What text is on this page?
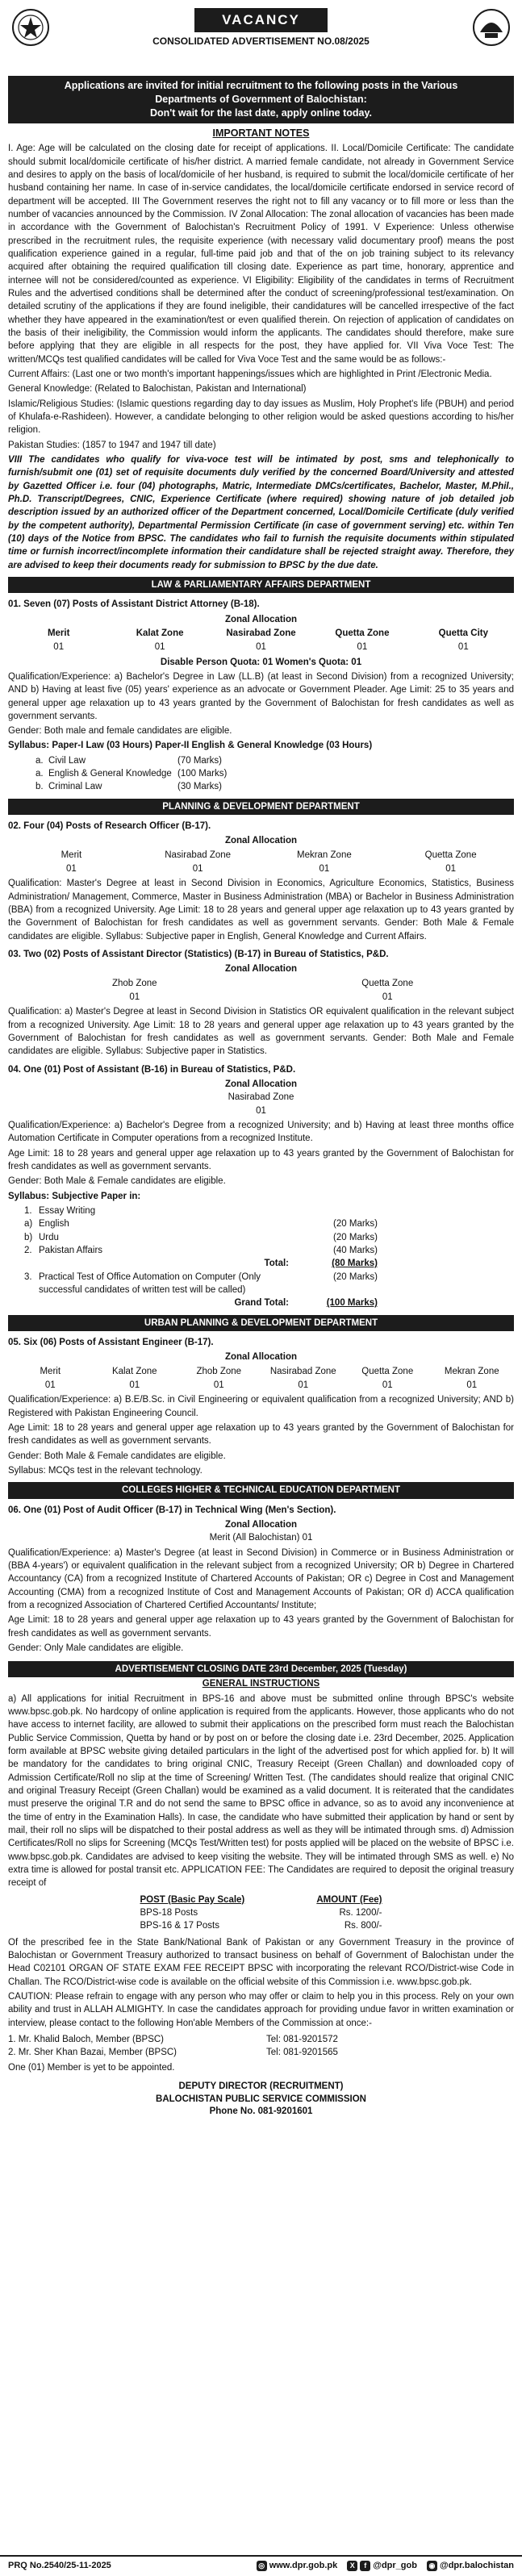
VACANCY
CONSOLIDATED ADVERTISEMENT NO.08/2025
Applications are invited for initial recruitment to the following posts in the Various
Departments of Government of Balochistan:
Don't wait for the last date, apply online today.
IMPORTANT NOTES

I. Age: Age will be calculated on the closing date for receipt of applications. II. Local/Domicile Certificate: The candidate should submit local/domicile certificate of his/her district. A married female candidate, not already in Government Service and desires to apply on the basis of local/domicile of her husband, is required to submit the local/domicile certificate of her husband containing her name. In case of in-service candidates, the local/domicile certificate endorsed in service record of department will be accepted. III The Government reserves the right not to fill any vacancy or to fill more or less than the number of vacancies announced by the Commission. IV Zonal Allocation: The zonal allocation of vacancies has been made in accordance with the Government of Balochistan's Recruitment Policy of 1991. V Experience: Unless otherwise prescribed in the recruitment rules, the requisite experience (with necessary valid documentary proof) means the post qualification experience gained in a regular, full-time paid job and that of the on job training subject to its relevancy acquired after obtaining the required qualification till closing date. Experience as part time, honorary, apprentice and internee will not be considered/counted as experience. VI Eligibility: Eligibility of the candidates in terms of Recruitment Rules and the advertised conditions shall be determined after the conduct of screening/professional test/examination. On detailed scrutiny of the applications if they are found ineligible, their candidatures will be cancelled irrespective of the fact whether they have appeared in the examination/test or even qualified therein. On rejection of application of candidates on the basis of their ineligibility, the Commission would inform the applicants. The candidates should therefore, make sure before applying that they are eligible in all respects for the post, they have applied for. VII Viva Voce Test: The written/MCQs test qualified candidates will be called for Viva Voce Test and the same would be as follows:-

Current Affairs: (Last one or two month's important happenings/issues which are highlighted in Print /Electronic Media.

General Knowledge: (Related to Balochistan, Pakistan and International)

Islamic/Religious Studies: (Islamic questions regarding day to day issues as Muslim, Holy Prophet's life (PBUH) and period of Khulafa-e-Rashideen). However, a candidate belonging to other religion would be asked questions according to his/her religion.

Pakistan Studies: (1857 to 1947 and 1947 till date)

VIII The candidates who qualify for viva-voce test will be intimated by post, sms and telephonically to furnish/submit one (01) set of requisite documents duly verified by the concerned Board/University and attested by Gazetted Officer i.e. four (04) photographs, Matric, Intermediate DMCs/certificates, Bachelor, Master, M.Phil., Ph.D. Transcript/Degrees, CNIC, Experience Certificate (where required) showing nature of job detailed job description issued by an authorized officer of the Department concerned, Local/Domicile Certificate (duly verified by the competent authority), Departmental Permission Certificate (in case of government serving) etc. within Ten (10) days of the Notice from BPSC. The candidates who fail to furnish the requisite documents within stipulated time or furnish incorrect/incomplete information their candidature shall be rejected straight away. Therefore, they are advised to keep their documents ready for submission to BPSC by the due date.

LAW & PARLIAMENTARY AFFAIRS DEPARTMENT
01. Seven (07) Posts of Assistant District Attorney (B-18).
Zonal Allocation
Merit	Kalat Zone	Nasirabad Zone	Quetta Zone	Quetta City
01	01	01	01	01
Disable Person Quota: 01 Women's Quota: 01

Qualification/Experience: a) Bachelor's Degree in Law (LL.B) (at least in Second Division) from a recognized University; AND b) Having at least five (05) years' experience as an advocate or Government Pleader. Age Limit: 25 to 35 years and general upper age relaxation up to 43 years granted by the Government of Balochistan for fresh candidates as well as government servants.

Gender: Both male and female candidates are eligible.

Syllabus: Paper-I Law (03 Hours) Paper-II English & General Knowledge (03 Hours)

a. Civil Law	(70 Marks)
a. English & General Knowledge (100 Marks)
b. Criminal Law	(30 Marks)
PLANNING & DEVELOPMENT DEPARTMENT
02. Four (04) Posts of Research Officer (B-17).
Zonal Allocation
Merit	Nasirabad Zone	Mekran Zone	Quetta Zone
01	01	01	01

Qualification: Master's Degree at least in Second Division in Economics, Agriculture Economics, Statistics, Business Administration/ Management, Commerce, Master in Business Administration (MBA) or Bachelor in Business Administration (BBA) from a recognized University. Age Limit: 18 to 28 years and general upper age relaxation up to 43 years granted by the Government of Balochistan for fresh candidates as well as government servants. Gender: Both Male & Female candidates are eligible. Syllabus: Subjective paper in English, General Knowledge and Current Affairs.

03. Two (02) Posts of Assistant Director (Statistics) (B-17) in Bureau of Statistics, P&D.
Zonal Allocation
Zhob Zone	Quetta Zone
01	01

Qualification: a) Master's Degree at least in Second Division in Statistics OR equivalent qualification in the relevant subject from a recognized University. Age Limit: 18 to 28 years and general upper age relaxation up to 43 years granted by the Government of Balochistan for fresh candidates as well as government servants. Gender: Both Male and Female candidates are eligible. Syllabus: Subjective paper in Statistics.

04. One (01) Post of Assistant (B-16) in Bureau of Statistics, P&D.
Zonal Allocation
Nasirabad Zone
01

Qualification/Experience: a) Bachelor's Degree from a recognized University; and b) Having at least three months office Automation Certificate in Computer operations from a recognized Institute.

Age Limit: 18 to 28 years and general upper age relaxation up to 43 years granted by the Government of Balochistan for fresh candidates as well as government servants.

Gender: Both Male & Female candidates are eligible.

Syllabus: Subjective Paper in:

1. Essay Writing
a) English	(20 Marks)
b) Urdu	(20 Marks)
2. Pakistan Affairs	(40 Marks)
Total:	(80 Marks)
3. Practical Test of Office Automation on Computer (Only successful candidates of written test will be called)
(20 Marks)
Grand Total:	(100 Marks)
URBAN PLANNING & DEVELOPMENT DEPARTMENT
05. Six (06) Posts of Assistant Engineer (B-17).
Zonal Allocation
Merit	Kalat Zone	Zhob Zone	Nasirabad Zone	Quetta Zone	Mekran Zone
01	01	01	01	01	01

Qualification/Experience: a) B.E/B.Sc. in Civil Engineering or equivalent qualification from a recognized University; AND b) Registered with Pakistan Engineering Council.

Age Limit: 18 to 28 years and general upper age relaxation up to 43 years granted by the Government of Balochistan for fresh candidates as well as government servants.

Gender: Both Male & Female candidates are eligible.

Syllabus: MCQs test in the relevant technology.

COLLEGES HIGHER & TECHNICAL EDUCATION DEPARTMENT
06. One (01) Post of Audit Officer (B-17) in Technical Wing (Men's Section).
Zonal Allocation
Merit (All Balochistan) 01

Qualification/Experience: a) Master's Degree (at least in Second Division) in Commerce or in Business Administration or (BBA 4-years') or equivalent qualification in the relevant subject from a recognized University; OR b) Degree in Chartered Accountancy (CA) from a recognized Institute of Chartered Accounts of Pakistan; OR c) Degree in Cost and Management Accounting (CMA) from a recognized Institute of Cost and Management Accounts of Pakistan; OR d) ACCA qualification from a recognized Association of Chartered Certified Accountants/ Institute;

Age Limit: 18 to 28 years and general upper age relaxation up to 43 years granted by the Government of Balochistan for fresh candidates as well as government servants.

Gender: Only Male candidates are eligible.

ADVERTISEMENT CLOSING DATE 23rd December, 2025 (Tuesday)
GENERAL INSTRUCTIONS

a) All applications for initial Recruitment in BPS-16 and above must be submitted online through BPSC's website www.bpsc.gob.pk. No hardcopy of online application is required from the applicants. However, those applicants who do not have access to internet facility, are allowed to submit their applications on the prescribed form must reach the Balochistan Public Service Commission, Quetta by hand or by post on or before the closing date i.e. 23rd December, 2025. Application form available at BPSC website giving detailed particulars in the light of the advertised post for which applied for. b) It will be mandatory for the candidates to bring original CNIC, Treasury Receipt (Green Challan) and downloaded copy of Admission Certificate/Roll no slip at the time of Screening/ Written Test. (The candidates should realize that original CNIC and original Treasury Receipt (Green Challan) would be examined as a valid document. It is reiterated that the candidates must preserve the original T.R and do not send the same to BPSC office in advance, so as to avoid any inconvenience at the time of entry in the Examination Halls). In case, the candidate who have submitted their application by hand or sent by mail, their roll no slips will be dispatched to their postal address as well as they will be intimated through sms. d) Admission Certificates/Roll no slips for Screening (MCQs Test/Written test) for posts applied will be placed on the website of BPSC i.e. www.bpsc.gob.pk. Candidates are advised to keep visiting the website. They will be intimated through SMS as well. e) No extra time is allowed for postal transit etc. APPLICATION FEE: The Candidates are required to deposit the original treasury receipt of

POST (Basic Pay Scale)	AMOUNT (Fee)
BPS-18 Posts	Rs. 1200/-
BPS-16 & 17 Posts	Rs. 800/-

Of the prescribed fee in the State Bank/National Bank of Pakistan or any Government Treasury in the province of Balochistan or Government Treasury authorized to transact business on behalf of Government of Balochistan under the Head C02101 ORGAN OF STATE EXAM FEE RECEIPT BPSC with incorporating the relevant RCO/District-wise Code in Challan. The RCO/District-wise code is available on the official website of this Commission i.e. www.bpsc.gob.pk.

CAUTION: Please refrain to engage with any person who may offer or claim to help you in this process. Rely on your own ability and trust in ALLAH ALMIGHTY. In case the candidates approach for providing undue favor in written examination or interview, please contact to the following Hon'able Members of the Commission at once:-

1. Mr. Khalid Baloch, Member (BPSC)	Tel: 081-9201572
2. Mr. Sher Khan Bazai, Member (BPSC)	Tel: 081-9201565

One (01) Member is yet to be appointed.

DEPUTY DIRECTOR (RECRUITMENT)
BALOCHISTAN PUBLIC SERVICE COMMISSION
Phone No. 081-9201601
PRQ No.2540/25-11-2025	◎ www.dpr.gob.pk	X	f @dpr_gob ◉ @dpr.balochistan
